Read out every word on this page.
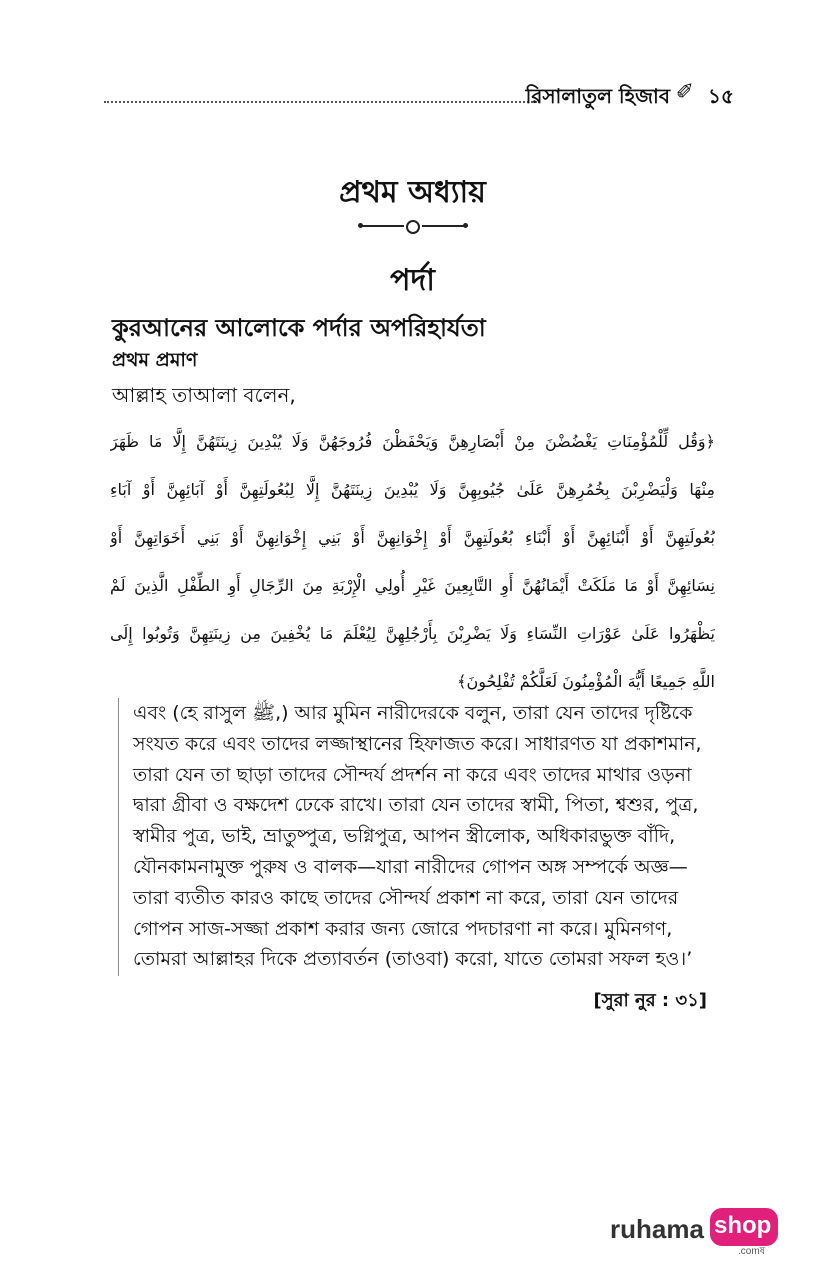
রিসালাতুল হিজাব ✐ ১৫
প্রথম অধ্যায়
পর্দা
কুরআনের আলোকে পর্দার অপরিহার্যতা
প্রথম প্রমাণ
আল্লাহ তাআলা বলেন,
﴿وَقُل لِّلْمُؤْمِنَاتِ يَغْضُضْنَ مِنْ أَبْصَارِهِنَّ وَيَحْفَظْنَ فُرُوجَهُنَّ وَلَا يُبْدِينَ زِينَتَهُنَّ إِلَّا مَا ظَهَرَ
مِنْهَا وَلْيَضْرِبْنَ بِخُمُرِهِنَّ عَلَىٰ جُيُوبِهِنَّ وَلَا يُبْدِينَ زِينَتَهُنَّ إِلَّا لِبُعُولَتِهِنَّ أَوْ آبَائِهِنَّ أَوْ آبَاءِ
بُعُولَتِهِنَّ أَوْ أَبْنَائِهِنَّ أَوْ أَبْنَاءِ بُعُولَتِهِنَّ أَوْ إِخْوَانِهِنَّ أَوْ بَنِي إِخْوَانِهِنَّ أَوْ بَنِي أَخَوَاتِهِنَّ أَوْ
نِسَائِهِنَّ أَوْ مَا مَلَكَتْ أَيْمَانُهُنَّ أَوِ التَّابِعِينَ غَيْرِ أُولِي الْإِرْبَةِ مِنَ الرِّجَالِ أَوِ الطِّفْلِ الَّذِينَ لَمْ
يَظْهَرُوا عَلَىٰ عَوْرَاتِ النِّسَاءِ وَلَا يَضْرِبْنَ بِأَرْجُلِهِنَّ لِيُعْلَمَ مَا يُخْفِينَ مِن زِينَتِهِنَّ وَتُوبُوا إِلَى
اللَّهِ جَمِيعًا أَيُّهَ الْمُؤْمِنُونَ لَعَلَّكُمْ تُفْلِحُونَ﴾
এবং (হে রাসুল ﷺ,) আর মুমিন নারীদেরকে বলুন, তারা যেন তাদের দৃষ্টিকে
সংযত করে এবং তাদের লজ্জাস্থানের হিফাজত করে। সাধারণত যা প্রকাশমান,
তারা যেন তা ছাড়া তাদের সৌন্দর্য প্রদর্শন না করে এবং তাদের মাথার ওড়না
দ্বারা গ্রীবা ও বক্ষদেশ ঢেকে রাখে। তারা যেন তাদের স্বামী, পিতা, শ্বশুর, পুত্র,
স্বামীর পুত্র, ভাই, ভ্রাতুষ্পুত্র, ভগ্নিপুত্র, আপন স্ত্রীলোক, অধিকারভুক্ত বাঁদি,
যৌনকামনামুক্ত পুরুষ ও বালক—যারা নারীদের গোপন অঙ্গ সম্পর্কে অজ্ঞ—
তারা ব্যতীত কারও কাছে তাদের সৌন্দর্য প্রকাশ না করে, তারা যেন তাদের
গোপন সাজ-সজ্জা প্রকাশ করার জন্য জোরে পদচারণা না করে। মুমিনগণ,
তোমরা আল্লাহর দিকে প্রত্যাবর্তন (তাওবা) করো, যাতে তোমরা সফল হও।’
[সুরা নুর : ৩১]
ruhama shop
.comষ
